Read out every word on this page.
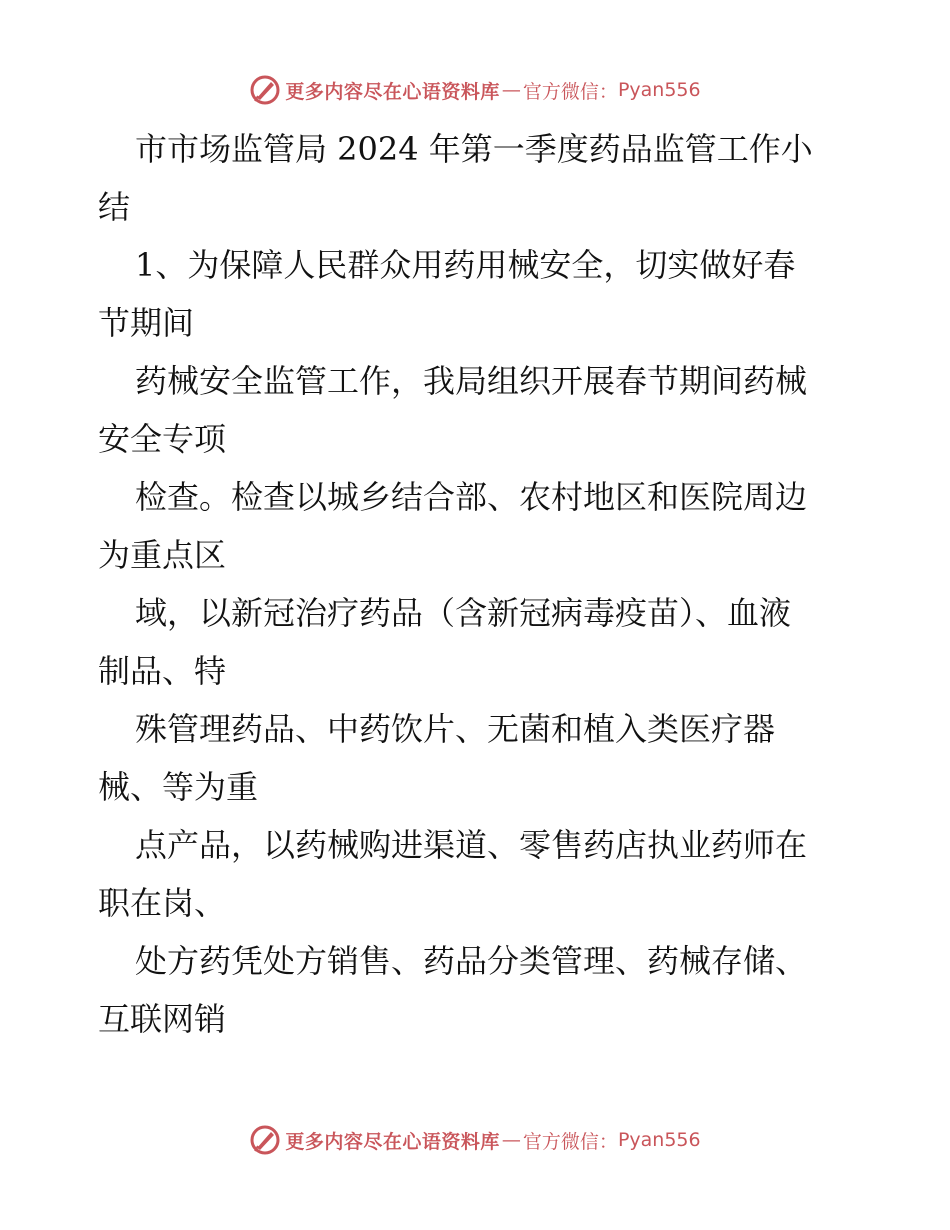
更多内容尽在心语资料库 — 官方微信： Pyan556
市市场监管局 2024 年第一季度药品监管工作小
结
1、为保障人民群众用药用械安全，切实做好春
节期间
药械安全监管工作，我局组织开展春节期间药械
安全专项
检查。检查以城乡结合部、农村地区和医院周边
为重点区
域，以新冠治疗药品（含新冠病毒疫苗）、血液
制品、特
殊管理药品、中药饮片、无菌和植入类医疗器
械、等为重
点产品，以药械购进渠道、零售药店执业药师在
职在岗、
处方药凭处方销售、药品分类管理、药械存储、
互联网销
更多内容尽在心语资料库 — 官方微信： Pyan556
